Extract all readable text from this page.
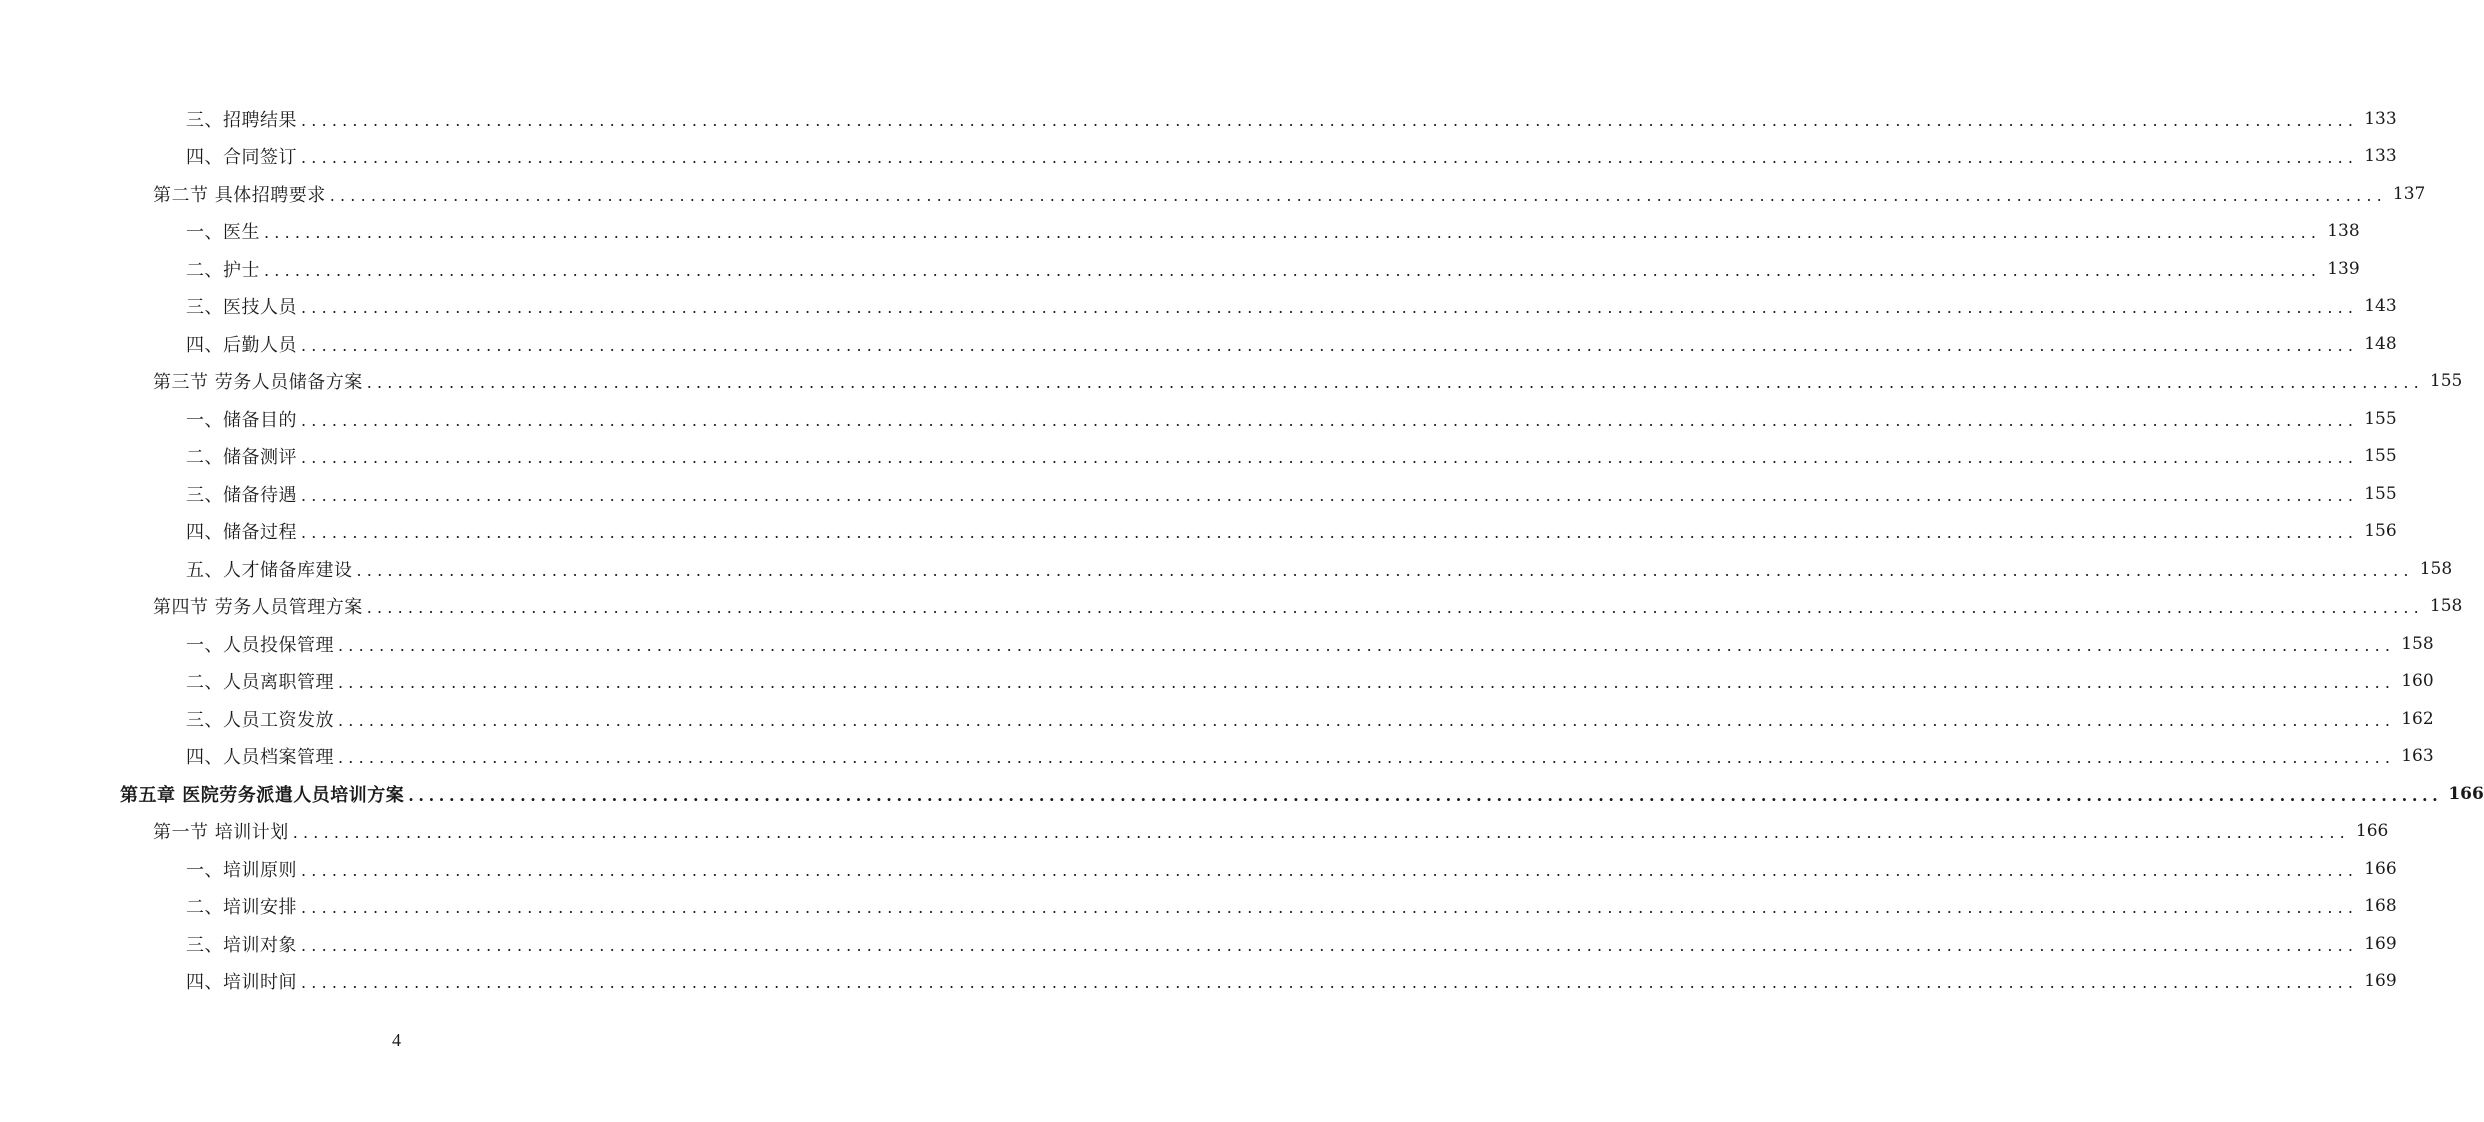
三、招聘结果 ........................................................................................................................................................................................................ 133
四、合同签订 ........................................................................................................................................................................................................ 133
第二节 具体招聘要求 ........................................................................................................................................................................................................ 137
一、医生 ........................................................................................................................................................................................................ 138
二、护士 ........................................................................................................................................................................................................ 139
三、医技人员 ........................................................................................................................................................................................................ 143
四、后勤人员 ........................................................................................................................................................................................................ 148
第三节 劳务人员储备方案 ........................................................................................................................................................................................................ 155
一、储备目的 ........................................................................................................................................................................................................ 155
二、储备测评 ........................................................................................................................................................................................................ 155
三、储备待遇 ........................................................................................................................................................................................................ 155
四、储备过程 ........................................................................................................................................................................................................ 156
五、人才储备库建设 ........................................................................................................................................................................................................ 158
第四节 劳务人员管理方案 ........................................................................................................................................................................................................ 158
一、人员投保管理 ........................................................................................................................................................................................................ 158
二、人员离职管理 ........................................................................................................................................................................................................ 160
三、人员工资发放 ........................................................................................................................................................................................................ 162
四、人员档案管理 ........................................................................................................................................................................................................ 163
第五章 医院劳务派遣人员培训方案 ........................................................................................................................................................................................................ 166
第一节 培训计划 ........................................................................................................................................................................................................ 166
一、培训原则 ........................................................................................................................................................................................................ 166
二、培训安排 ........................................................................................................................................................................................................ 168
三、培训对象 ........................................................................................................................................................................................................ 169
四、培训时间 ........................................................................................................................................................................................................ 169
4
